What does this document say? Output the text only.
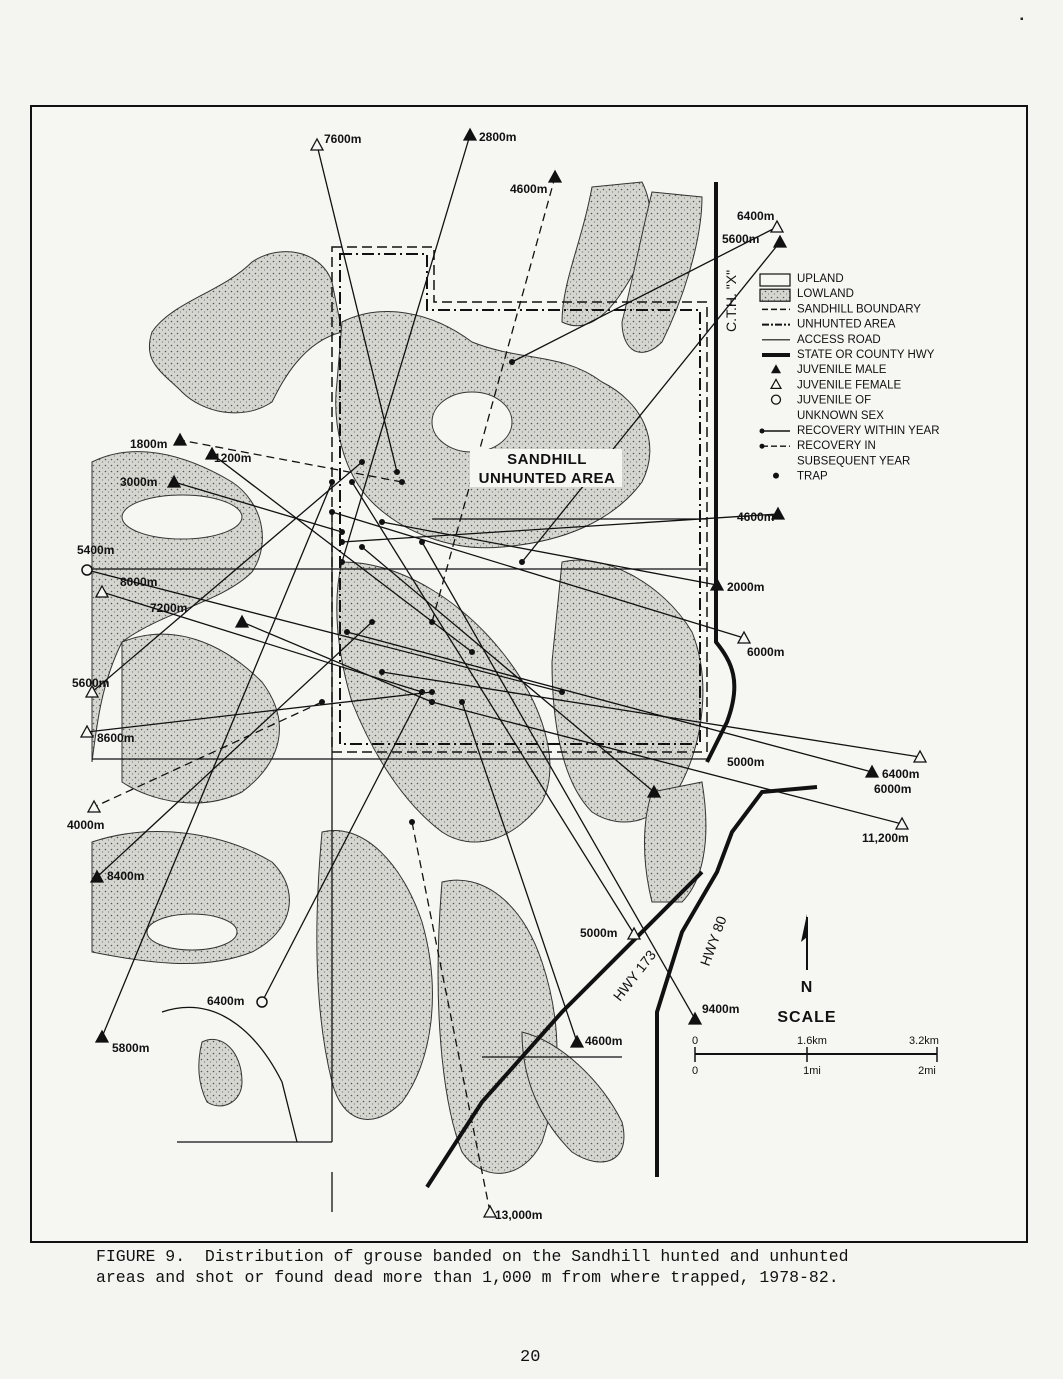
▪
7600m	2800m
4600m
6400m
5600m
1800m
1200m
3000m
5400m
8000m
7200m
4600m
2000m
6000m
5600m
8600m
5000m
6400m
4000m
6000m
11,200m
8400m
5000m
6400m
9400m
5800m	4600m
13,000m
SANDHILL
UNHUNTED AREA
C.T.H. "X"
HWY 173
HWY 80
UPLAND
LOWLAND
SANDHILL BOUNDARY
UNHUNTED AREA
ACCESS ROAD
STATE OR COUNTY HWY
JUVENILE MALE
JUVENILE FEMALE
JUVENILE OF
UNKNOWN SEX
RECOVERY WITHIN YEAR
RECOVERY IN
SUBSEQUENT YEAR
TRAP
N
SCALE
0	1.6km	3.2km
0	1mi	2mi
FIGURE 9.  Distribution of grouse banded on the Sandhill hunted and unhunted
areas and shot or found dead more than 1,000 m from where trapped, 1978-82.
20
